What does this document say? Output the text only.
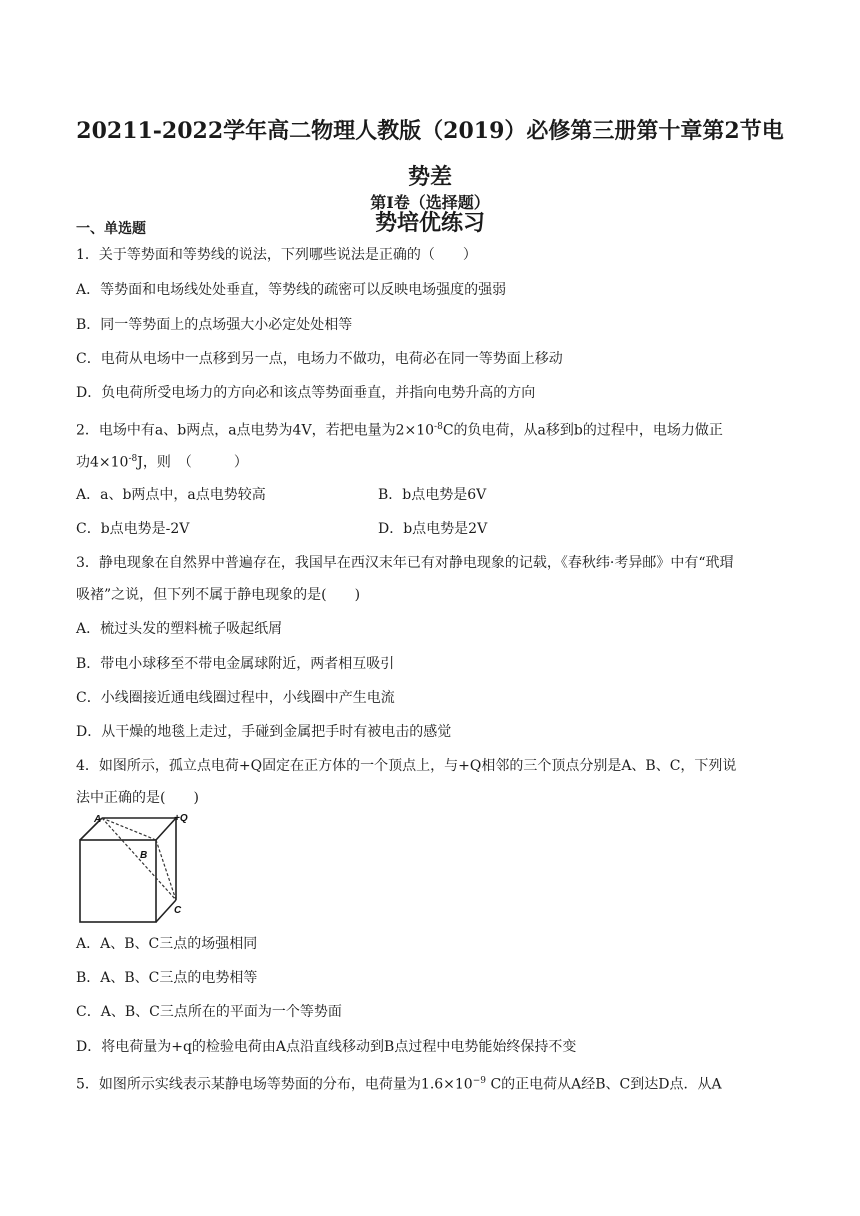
20211-2022学年高二物理人教版（2019）必修第三册第十章第2节电势差
势培优练习
第Ⅰ卷（选择题）
一、单选题
1．关于等势面和等势线的说法，下列哪些说法是正确的（　　）
A．等势面和电场线处处垂直，等势线的疏密可以反映电场强度的强弱
B．同一等势面上的点场强大小必定处处相等
C．电荷从电场中一点移到另一点，电场力不做功，电荷必在同一等势面上移动
D．负电荷所受电场力的方向必和该点等势面垂直，并指向电势升高的方向
2．电场中有a、b两点，a点电势为4V，若把电量为$2\times 10^{-8}C$的负电荷，从a移到b的过程中，电场力做正
功$4\times 10^{-8}J$，则　（　　　）
A．a、b两点中，a点电势较高	B．b点电势是6V
C．b点电势是-2V	D．b点电势是2V
3．静电现象在自然界中普遍存在，我国早在西汉末年已有对静电现象的记载，《春秋纬·考异邮》中有“玳瑁
吸褚”之说，但下列不属于静电现象的是(　　)
A．梳过头发的塑料梳子吸起纸屑
B．带电小球移至不带电金属球附近，两者相互吸引
C．小线圈接近通电线圈过程中，小线圈中产生电流
D．从干燥的地毯上走过，手碰到金属把手时有被电击的感觉
4．如图所示，孤立点电荷+Q固定在正方体的一个顶点上，与+Q相邻的三个顶点分别是A、B、C，下列说
法中正确的是(　　)
A	+Q
B
C
A．A、B、C三点的场强相同
B．A、B、C三点的电势相等
C．A、B、C三点所在的平面为一个等势面
D．将电荷量为+q的检验电荷由A点沿直线移动到B点过程中电势能始终保持不变
5．如图所示实线表示某静电场等势面的分布，电荷量为$1.6\times 10^{-9}$ C的正电荷从A经B、C到达D点．从A
